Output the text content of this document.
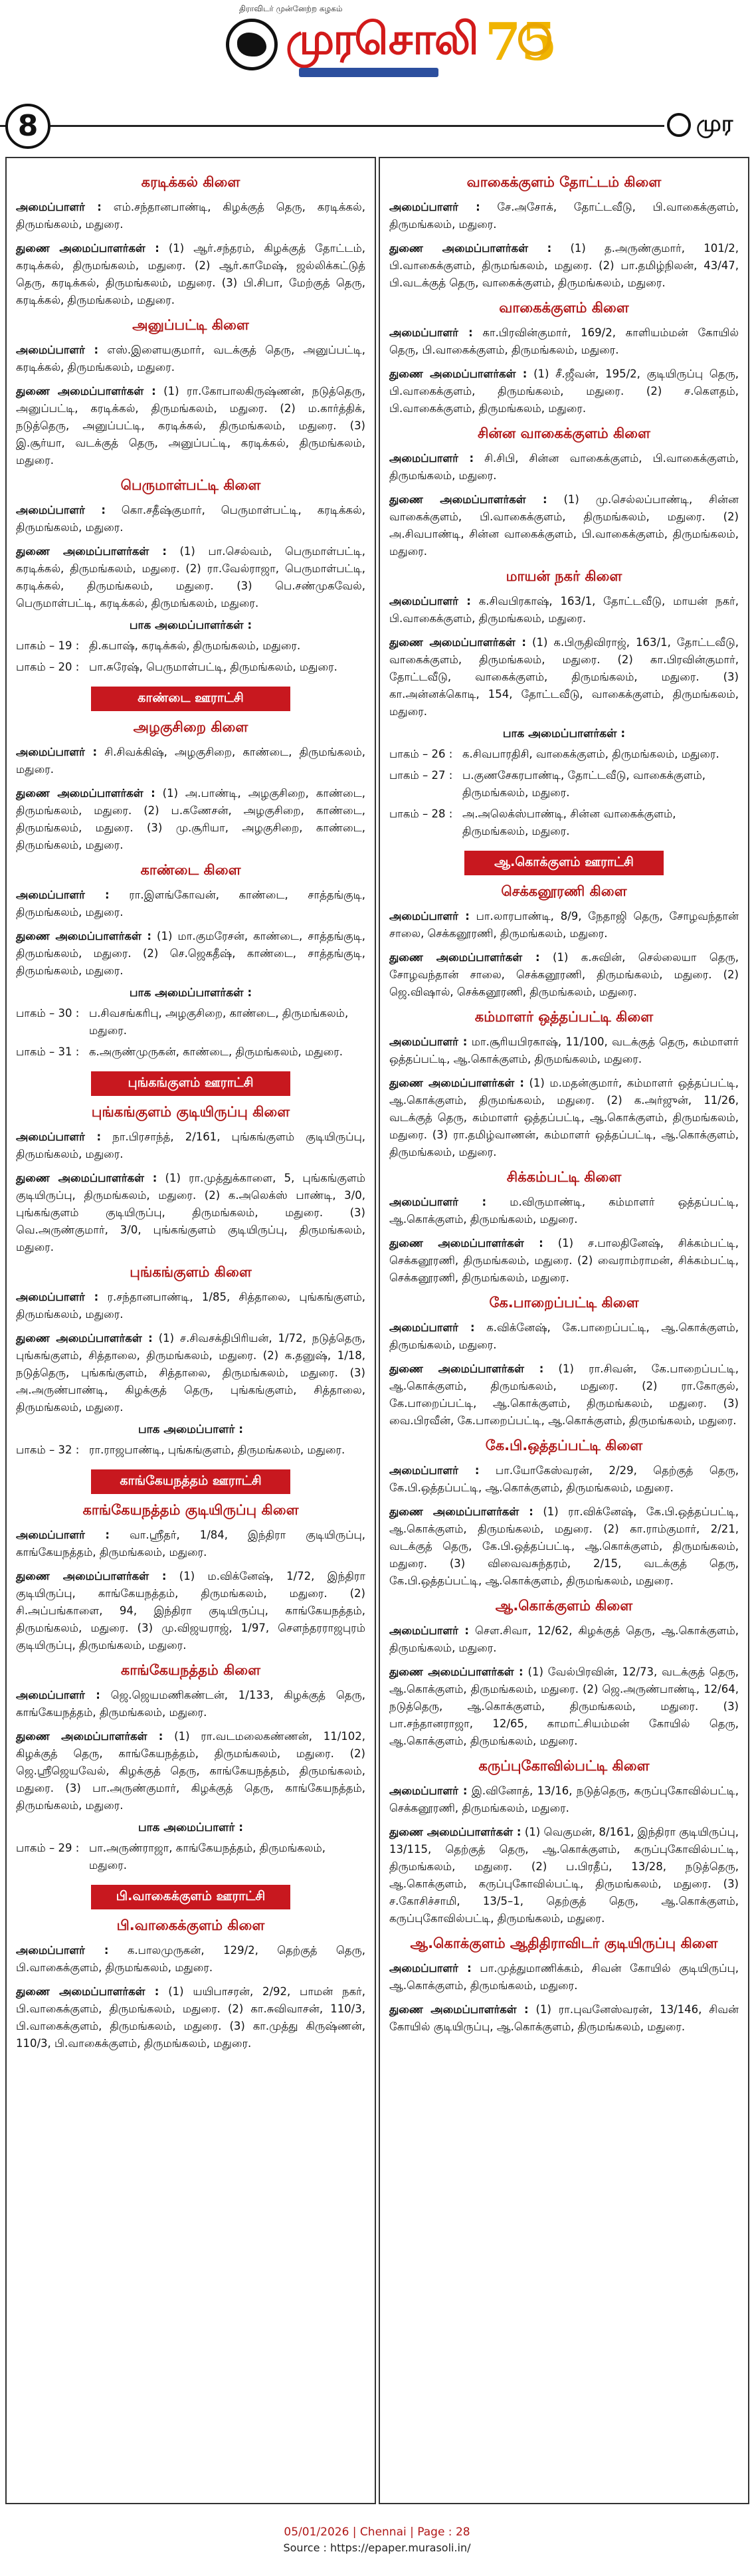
திராவிடர் முன்னேற்ற கழகம்
முரசொலி 75
8	முர
கரடிக்கல் கிளை
அமைப்பாளர் : எம்.சந்தானபாண்டி, கிழக்குத் தெரு, கரடிக்கல், திருமங்கலம், மதுரை.
துணை அமைப்பாளர்கள் : (1) ஆர்.சந்தரம், கிழக்குத் தோட்டம், கரடிக்கல், திருமங்கலம், மதுரை. (2) ஆர்.காமேஷ், ஜல்லிக்கட்டுத் தெரு, கரடிக்கல், திருமங்கலம், மதுரை. (3) பி.சிபா, மேற்குத் தெரு, கரடிக்கல், திருமங்கலம், மதுரை.
அனுப்பட்டி கிளை
அமைப்பாளர் : எஸ்.இளையகுமார், வடக்குத் தெரு, அனுப்பட்டி, கரடிக்கல், திருமங்கலம், மதுரை.
துணை அமைப்பாளர்கள் : (1) ரா.கோபாலகிருஷ்ணன், நடுத்தெரு, அனுப்பட்டி, கரடிக்கல், திருமங்கலம், மதுரை. (2) ம.கார்த்திக், நடுத்தெரு, அனுப்பட்டி, கரடிக்கல், திருமங்கலம், மதுரை. (3) இ.சூர்யா, வடக்குத் தெரு, அனுப்பட்டி, கரடிக்கல், திருமங்கலம், மதுரை.
பெருமாள்பட்டி கிளை
அமைப்பாளர் : கொ.சதீஷ்குமார், பெருமாள்பட்டி, கரடிக்கல், திருமங்கலம், மதுரை.
துணை அமைப்பாளர்கள் : (1) பா.செல்வம், பெருமாள்பட்டி, கரடிக்கல், திருமங்கலம், மதுரை. (2) ரா.வேல்ராஜா, பெருமாள்பட்டி, கரடிக்கல், திருமங்கலம், மதுரை. (3) பெ.சண்முகவேல், பெருமாள்பட்டி, கரடிக்கல், திருமங்கலம், மதுரை.
பாக அமைப்பாளர்கள் :
பாகம் – 19 : தி.கபாஷ், கரடிக்கல், திருமங்கலம், மதுரை.
பாகம் – 20 : பா.சுரேஷ், பெருமாள்பட்டி, திருமங்கலம், மதுரை.
காண்டை ஊராட்சி
அழகுசிறை கிளை
அமைப்பாளர் : சி.சிவக்கிஷ், அழகுசிறை, காண்டை, திருமங்கலம், மதுரை.
துணை அமைப்பாளர்கள் : (1) அ.பாண்டி, அழகுசிறை, காண்டை, திருமங்கலம், மதுரை. (2) ப.கணேசன், அழகுசிறை, காண்டை, திருமங்கலம், மதுரை. (3) மு.சூரியா, அழகுசிறை, காண்டை, திருமங்கலம், மதுரை.
காண்டை கிளை
அமைப்பாளர் : ரா.இளங்கோவன், காண்டை, சாத்தங்குடி, திருமங்கலம், மதுரை.
துணை அமைப்பாளர்கள் : (1) மா.குமரேசன், காண்டை, சாத்தங்குடி, திருமங்கலம், மதுரை. (2) செ.ஜெகதீஷ், காண்டை, சாத்தங்குடி, திருமங்கலம், மதுரை.
பாக அமைப்பாளர்கள் :
பாகம் – 30 : ப.சிவசங்கரிபு, அழகுசிறை, காண்டை, திருமங்கலம், மதுரை.
பாகம் – 31 : க.அருண்முருகன், காண்டை, திருமங்கலம், மதுரை.
புங்கங்குளம் ஊராட்சி
புங்கங்குளம் குடியிருப்பு கிளை
அமைப்பாளர் : நா.பிரசாந்த், 2/161, புங்கங்குளம் குடியிருப்பு, திருமங்கலம், மதுரை.
துணை அமைப்பாளர்கள் : (1) ரா.முத்துக்காளை, 5, புங்கங்குளம் குடியிருப்பு, திருமங்கலம், மதுரை. (2) க.அலெக்ஸ் பாண்டி, 3/0, புங்கங்குளம் குடியிருப்பு, திருமங்கலம், மதுரை. (3) வெ.அருண்குமார், 3/0, புங்கங்குளம் குடியிருப்பு, திருமங்கலம், மதுரை.
புங்கங்குளம் கிளை
அமைப்பாளர் : ர.சந்தானபாண்டி, 1/85, சித்தாலை, புங்கங்குளம், திருமங்கலம், மதுரை.
துணை அமைப்பாளர்கள் : (1) ச.சிவசக்திபிரியன், 1/72, நடுத்தெரு, புங்கங்குளம், சித்தாலை, திருமங்கலம், மதுரை. (2) க.தனுஷ், 1/18, நடுத்தெரு, புங்கங்குளம், சித்தாலை, திருமங்கலம், மதுரை. (3) அ.அருண்பாண்டி, கிழக்குத் தெரு, புங்கங்குளம், சித்தாலை, திருமங்கலம், மதுரை.
பாக அமைப்பாளர் :
பாகம் – 32 : ரா.ராஜபாண்டி, புங்கங்குளம், திருமங்கலம், மதுரை.
காங்கேயநத்தம் ஊராட்சி
காங்கேயநத்தம் குடியிருப்பு கிளை
அமைப்பாளர் : வா.ஸ்ரீதர், 1/84, இந்திரா குடியிருப்பு, காங்கேயநத்தம், திருமங்கலம், மதுரை.
துணை அமைப்பாளர்கள் : (1) ம.விக்னேஷ், 1/72, இந்திரா குடியிருப்பு, காங்கேயநத்தம், திருமங்கலம், மதுரை. (2) சி.அப்பங்காளை, 94, இந்திரா குடியிருப்பு, காங்கேயநத்தம், திருமங்கலம், மதுரை. (3) மு.விஜயராஜ், 1/97, சௌந்தரராஜபுரம் குடியிருப்பு, திருமங்கலம், மதுரை.
காங்கேயநத்தம் கிளை
அமைப்பாளர் : ஜெ.ஜெயமணிகண்டன், 1/133, கிழக்குத் தெரு, காங்கேயநத்தம், திருமங்கலம், மதுரை.
துணை அமைப்பாளர்கள் : (1) ரா.வடமலைகண்ணன், 11/102, கிழக்குத் தெரு, காங்கேயநத்தம், திருமங்கலம், மதுரை. (2) ஜெ.ஸ்ரீஜெயவேல், கிழக்குத் தெரு, காங்கேயநத்தம், திருமங்கலம், மதுரை. (3) பா.அருண்குமார், கிழக்குத் தெரு, காங்கேயநத்தம், திருமங்கலம், மதுரை.
பாக அமைப்பாளர் :
பாகம் – 29 : பா.அருண்ராஜா, காங்கேயநத்தம், திருமங்கலம், மதுரை.
பி.வாகைக்குளம் ஊராட்சி
பி.வாகைக்குளம் கிளை
அமைப்பாளர் : க.பாலமுருகன், 129/2, தெற்குத் தெரு, பி.வாகைக்குளம், திருமங்கலம், மதுரை.
துணை அமைப்பாளர்கள் : (1) யயிபாசரன், 2/92, பாமன் நகர், பி.வாகைக்குளம், திருமங்கலம், மதுரை. (2) கா.சுவிவாசன், 110/3, பி.வாகைக்குளம், திருமங்கலம், மதுரை. (3) கா.முத்து கிருஷ்ணன், 110/3, பி.வாகைக்குளம், திருமங்கலம், மதுரை.
வாகைக்குளம் தோட்டம் கிளை
அமைப்பாளர் : சே.அசோக், தோட்டவீடு, பி.வாகைக்குளம், திருமங்கலம், மதுரை.
துணை அமைப்பாளர்கள் : (1) த.அருண்குமார், 101/2, பி.வாகைக்குளம், திருமங்கலம், மதுரை. (2) பா.தமிழ்நிலன், 43/47, பி.வடக்குத் தெரு, வாகைக்குளம், திருமங்கலம், மதுரை.
வாகைக்குளம் கிளை
அமைப்பாளர் : கா.பிரவின்குமார், 169/2, காளியம்மன் கோயில் தெரு, பி.வாகைக்குளம், திருமங்கலம், மதுரை.
துணை அமைப்பாளர்கள் : (1) சீ.ஜீவன், 195/2, குடியிருப்பு தெரு, பி.வாகைக்குளம், திருமங்கலம், மதுரை. (2) ச.கௌதம், பி.வாகைக்குளம், திருமங்கலம், மதுரை.
சின்ன வாகைக்குளம் கிளை
அமைப்பாளர் : சி.சிபி, சின்ன வாகைக்குளம், பி.வாகைக்குளம், திருமங்கலம், மதுரை.
துணை அமைப்பாளர்கள் : (1) மு.செல்லப்பாண்டி, சின்ன வாகைக்குளம், பி.வாகைக்குளம், திருமங்கலம், மதுரை. (2) அ.சிவபாண்டி, சின்ன வாகைக்குளம், பி.வாகைக்குளம், திருமங்கலம், மதுரை.
மாயன் நகர் கிளை
அமைப்பாளர் : க.சிவபிரகாஷ், 163/1, தோட்டவீடு, மாயன் நகர், பி.வாகைக்குளம், திருமங்கலம், மதுரை.
துணை அமைப்பாளர்கள் : (1) க.பிருதிவிராஜ், 163/1, தோட்டவீடு, வாகைக்குளம், திருமங்கலம், மதுரை. (2) கா.பிரவின்குமார், தோட்டவீடு, வாகைக்குளம், திருமங்கலம், மதுரை. (3) கா.அன்னக்கொடி, 154, தோட்டவீடு, வாகைக்குளம், திருமங்கலம், மதுரை.
பாக அமைப்பாளர்கள் :
பாகம் – 26 : க.சிவபாரதிசி, வாகைக்குளம், திருமங்கலம், மதுரை.
பாகம் – 27 : ப.குணசேகரபாண்டி, தோட்டவீடு, வாகைக்குளம், திருமங்கலம், மதுரை.
பாகம் – 28 : அ.அலெக்ஸ்பாண்டி, சின்ன வாகைக்குளம், திருமங்கலம், மதுரை.
ஆ.கொக்குளம் ஊராட்சி
செக்கனூரணி கிளை
அமைப்பாளர் : பா.லாரபாண்டி, 8/9, நேதாஜி தெரு, சோழவந்தான் சாலை, செக்கனூரணி, திருமங்கலம், மதுரை.
துணை அமைப்பாளர்கள் : (1) க.சுவின், செல்லையா தெரு, சோழவந்தான் சாலை, செக்கனூரணி, திருமங்கலம், மதுரை. (2) ஜெ.விஷால், செக்கனூரணி, திருமங்கலம், மதுரை.
கம்மாளர் ஒத்தப்பட்டி கிளை
அமைப்பாளர் : மா.சூரியபிரகாஷ், 11/100, வடக்குத் தெரு, கம்மாளர் ஒத்தப்பட்டி, ஆ.கொக்குளம், திருமங்கலம், மதுரை.
துணை அமைப்பாளர்கள் : (1) ம.மதன்குமார், கம்மாளர் ஒத்தப்பட்டி, ஆ.கொக்குளம், திருமங்கலம், மதுரை. (2) க.அர்ஜுன், 11/26, வடக்குத் தெரு, கம்மாளர் ஒத்தப்பட்டி, ஆ.கொக்குளம், திருமங்கலம், மதுரை. (3) ரா.தமிழ்வாணன், கம்மாளர் ஒத்தப்பட்டி, ஆ.கொக்குளம், திருமங்கலம், மதுரை.
சிக்கம்பட்டி கிளை
அமைப்பாளர் : ம.விருமாண்டி, கம்மாளர் ஒத்தப்பட்டி, ஆ.கொக்குளம், திருமங்கலம், மதுரை.
துணை அமைப்பாளர்கள் : (1) ச.பாலதினேஷ், சிக்கம்பட்டி, செக்கனூரணி, திருமங்கலம், மதுரை. (2) வைராம்ராமன், சிக்கம்பட்டி, செக்கனூரணி, திருமங்கலம், மதுரை.
கே.பாறைப்பட்டி கிளை
அமைப்பாளர் : க.விக்னேஷ், கே.பாறைப்பட்டி, ஆ.கொக்குளம், திருமங்கலம், மதுரை.
துணை அமைப்பாளர்கள் : (1) ரா.சிவன், கே.பாறைப்பட்டி, ஆ.கொக்குளம், திருமங்கலம், மதுரை. (2) ரா.கோகுல், கே.பாறைப்பட்டி, ஆ.கொக்குளம், திருமங்கலம், மதுரை. (3) வை.பிரவீன், கே.பாறைப்பட்டி, ஆ.கொக்குளம், திருமங்கலம், மதுரை.
கே.பி.ஒத்தப்பட்டி கிளை
அமைப்பாளர் : பா.யோகேஸ்வரன், 2/29, தெற்குத் தெரு, கே.பி.ஒத்தப்பட்டி, ஆ.கொக்குளம், திருமங்கலம், மதுரை.
துணை அமைப்பாளர்கள் : (1) ரா.விக்னேஷ், கே.பி.ஒத்தப்பட்டி, ஆ.கொக்குளம், திருமங்கலம், மதுரை. (2) கா.ராம்குமார், 2/21, வடக்குத் தெரு, கே.பி.ஒத்தப்பட்டி, ஆ.கொக்குளம், திருமங்கலம், மதுரை. (3) விவைவசுந்தரம், 2/15, வடக்குத் தெரு, கே.பி.ஒத்தப்பட்டி, ஆ.கொக்குளம், திருமங்கலம், மதுரை.
ஆ.கொக்குளம் கிளை
அமைப்பாளர் : சௌ.சிவா, 12/62, கிழக்குத் தெரு, ஆ.கொக்குளம், திருமங்கலம், மதுரை.
துணை அமைப்பாளர்கள் : (1) வேல்பிரவின், 12/73, வடக்குத் தெரு, ஆ.கொக்குளம், திருமங்கலம், மதுரை. (2) ஜெ.அருண்பாண்டி, 12/64, நடுத்தெரு, ஆ.கொக்குளம், திருமங்கலம், மதுரை. (3) பா.சந்தானராஜா, 12/65, காமாட்சியம்மன் கோயில் தெரு, ஆ.கொக்குளம், திருமங்கலம், மதுரை.
கருப்புகோவில்பட்டி கிளை
அமைப்பாளர் : இ.வினோத், 13/16, நடுத்தெரு, கருப்புகோவில்பட்டி, செக்கனூரணி, திருமங்கலம், மதுரை.
துணை அமைப்பாளர்கள் : (1) வெகுமன், 8/161, இந்திரா குடியிருப்பு, 13/115, தெற்குத் தெரு, ஆ.கொக்குளம், கருப்புகோவில்பட்டி, திருமங்கலம், மதுரை. (2) ப.பிரதீப், 13/28, நடுத்தெரு, ஆ.கொக்குளம், கருப்புகோவில்பட்டி, திருமங்கலம், மதுரை. (3) ச.கோசிச்சாமி, 13/5–1, தெற்குத் தெரு, ஆ.கொக்குளம், கருப்புகோவில்பட்டி, திருமங்கலம், மதுரை.
ஆ.கொக்குளம் ஆதிதிராவிடர் குடியிருப்பு கிளை
அமைப்பாளர் : பா.முத்துமாணிக்கம், சிவன் கோயில் குடியிருப்பு, ஆ.கொக்குளம், திருமங்கலம், மதுரை.
துணை அமைப்பாளர்கள் : (1) ரா.புவனேஸ்வரன், 13/146, சிவன் கோயில் குடியிருப்பு, ஆ.கொக்குளம், திருமங்கலம், மதுரை.
05/01/2026 | Chennai | Page : 28
Source : https://epaper.murasoli.in/
